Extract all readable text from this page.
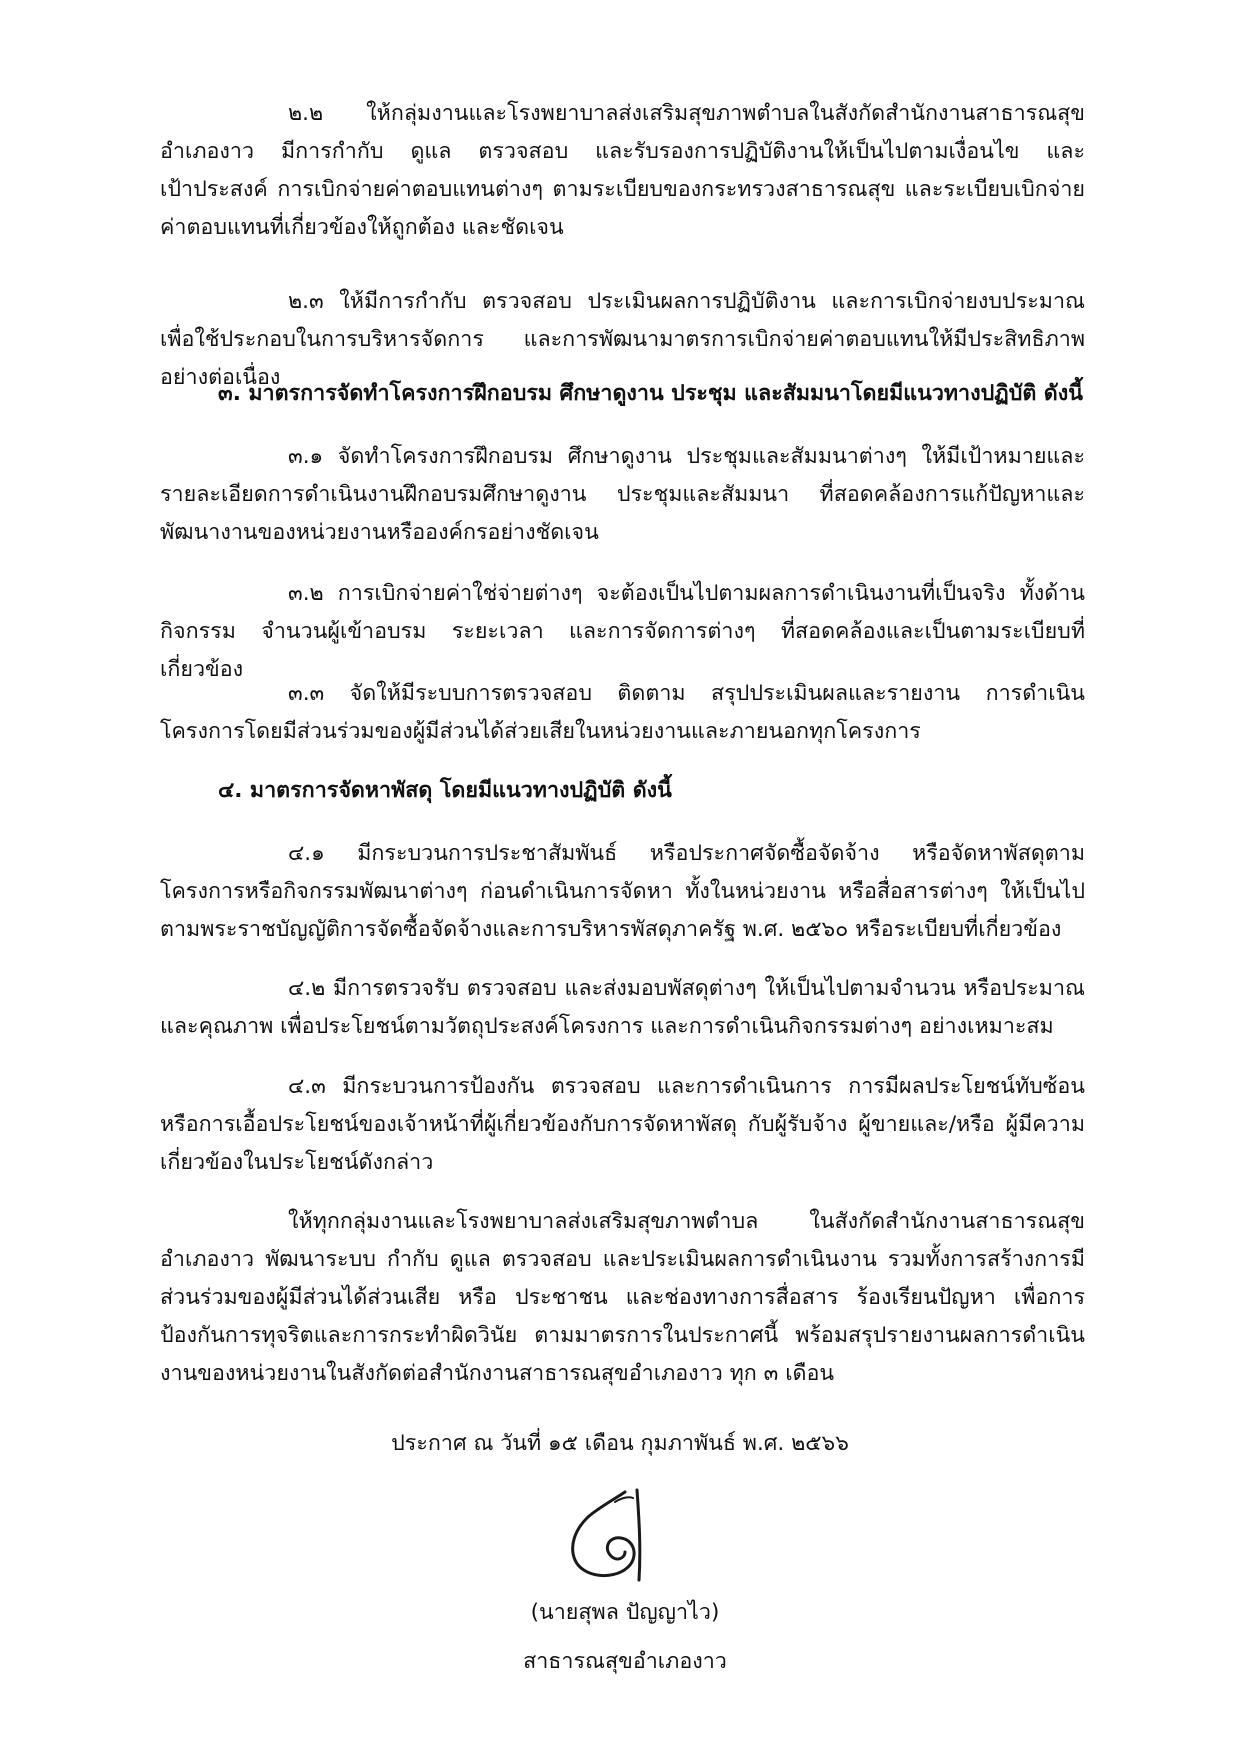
๒.๒ ให้กลุ่มงานและโรงพยาบาลส่งเสริมสุขภาพตำบลในสังกัดสำนักงานสาธารณสุขอำเภองาว มีการกำกับ ดูแล ตรวจสอบ และรับรองการปฏิบัติงานให้เป็นไปตามเงื่อนไข และเป้าประสงค์ การเบิกจ่ายค่าตอบแทนต่างๆ ตามระเบียบของกระทรวงสาธารณสุข และระเบียบเบิกจ่ายค่าตอบแทนที่เกี่ยวข้องให้ถูกต้อง และชัดเจน

๒.๓ ให้มีการกำกับ ตรวจสอบ ประเมินผลการปฏิบัติงาน และการเบิกจ่ายงบประมาณ เพื่อใช้ประกอบในการบริหารจัดการ และการพัฒนามาตรการเบิกจ่ายค่าตอบแทนให้มีประสิทธิภาพอย่างต่อเนื่อง

๓. มาตรการจัดทำโครงการฝึกอบรม ศึกษาดูงาน ประชุม และสัมมนาโดยมีแนวทางปฏิบัติ ดังนี้

๓.๑ จัดทำโครงการฝึกอบรม ศึกษาดูงาน ประชุมและสัมมนาต่างๆ ให้มีเป้าหมายและรายละเอียดการดำเนินงานฝึกอบรมศึกษาดูงาน ประชุมและสัมมนา ที่สอดคล้องการแก้ปัญหาและพัฒนางานของหน่วยงานหรือองค์กรอย่างชัดเจน

๓.๒ การเบิกจ่ายค่าใช่จ่ายต่างๆ จะต้องเป็นไปตามผลการดำเนินงานที่เป็นจริง ทั้งด้านกิจกรรม จำนวนผู้เข้าอบรม ระยะเวลา และการจัดการต่างๆ ที่สอดคล้องและเป็นตามระเบียบที่เกี่ยวข้อง

๓.๓ จัดให้มีระบบการตรวจสอบ ติดตาม สรุปประเมินผลและรายงาน การดำเนินโครงการโดยมีส่วนร่วมของผู้มีส่วนได้ส่วยเสียในหน่วยงานและภายนอกทุกโครงการ

๔. มาตรการจัดหาพัสดุ โดยมีแนวทางปฏิบัติ ดังนี้

๔.๑ มีกระบวนการประชาสัมพันธ์ หรือประกาศจัดซื้อจัดจ้าง หรือจัดหาพัสดุตามโครงการหรือกิจกรรมพัฒนาต่างๆ ก่อนดำเนินการจัดหา ทั้งในหน่วยงาน หรือสื่อสารต่างๆ ให้เป็นไปตามพระราชบัญญัติการจัดซื้อจัดจ้างและการบริหารพัสดุภาครัฐ พ.ศ. ๒๕๖๐ หรือระเบียบที่เกี่ยวข้อง

๔.๒ มีการตรวจรับ ตรวจสอบ และส่งมอบพัสดุต่างๆ ให้เป็นไปตามจำนวน หรือประมาณและคุณภาพ เพื่อประโยชน์ตามวัตถุประสงค์โครงการ และการดำเนินกิจกรรมต่างๆ อย่างเหมาะสม

๔.๓ มีกระบวนการป้องกัน ตรวจสอบ และการดำเนินการ การมีผลประโยชน์ทับซ้อน หรือการเอื้อประโยชน์ของเจ้าหน้าที่ผู้เกี่ยวข้องกับการจัดหาพัสดุ กับผู้รับจ้าง ผู้ขายและ/หรือ ผู้มีความเกี่ยวข้องในประโยชน์ดังกล่าว

ให้ทุกกลุ่มงานและโรงพยาบาลส่งเสริมสุขภาพตำบล ในสังกัดสำนักงานสาธารณสุขอำเภองาว พัฒนาระบบ กำกับ ดูแล ตรวจสอบ และประเมินผลการดำเนินงาน รวมทั้งการสร้างการมีส่วนร่วมของผู้มีส่วนได้ส่วนเสีย หรือ ประชาชน และช่องทางการสื่อสาร ร้องเรียนปัญหา เพื่อการป้องกันการทุจริตและการกระทำผิดวินัย ตามมาตรการในประกาศนี้ พร้อมสรุปรายงานผลการดำเนินงานของหน่วยงานในสังกัดต่อสำนักงานสาธารณสุขอำเภองาว ทุก ๓ เดือน

ประกาศ ณ วันที่ ๑๕ เดือน กุมภาพันธ์ พ.ศ. ๒๕๖๖

(นายสุพล ปัญญาไว)

สาธารณสุขอำเภองาว
